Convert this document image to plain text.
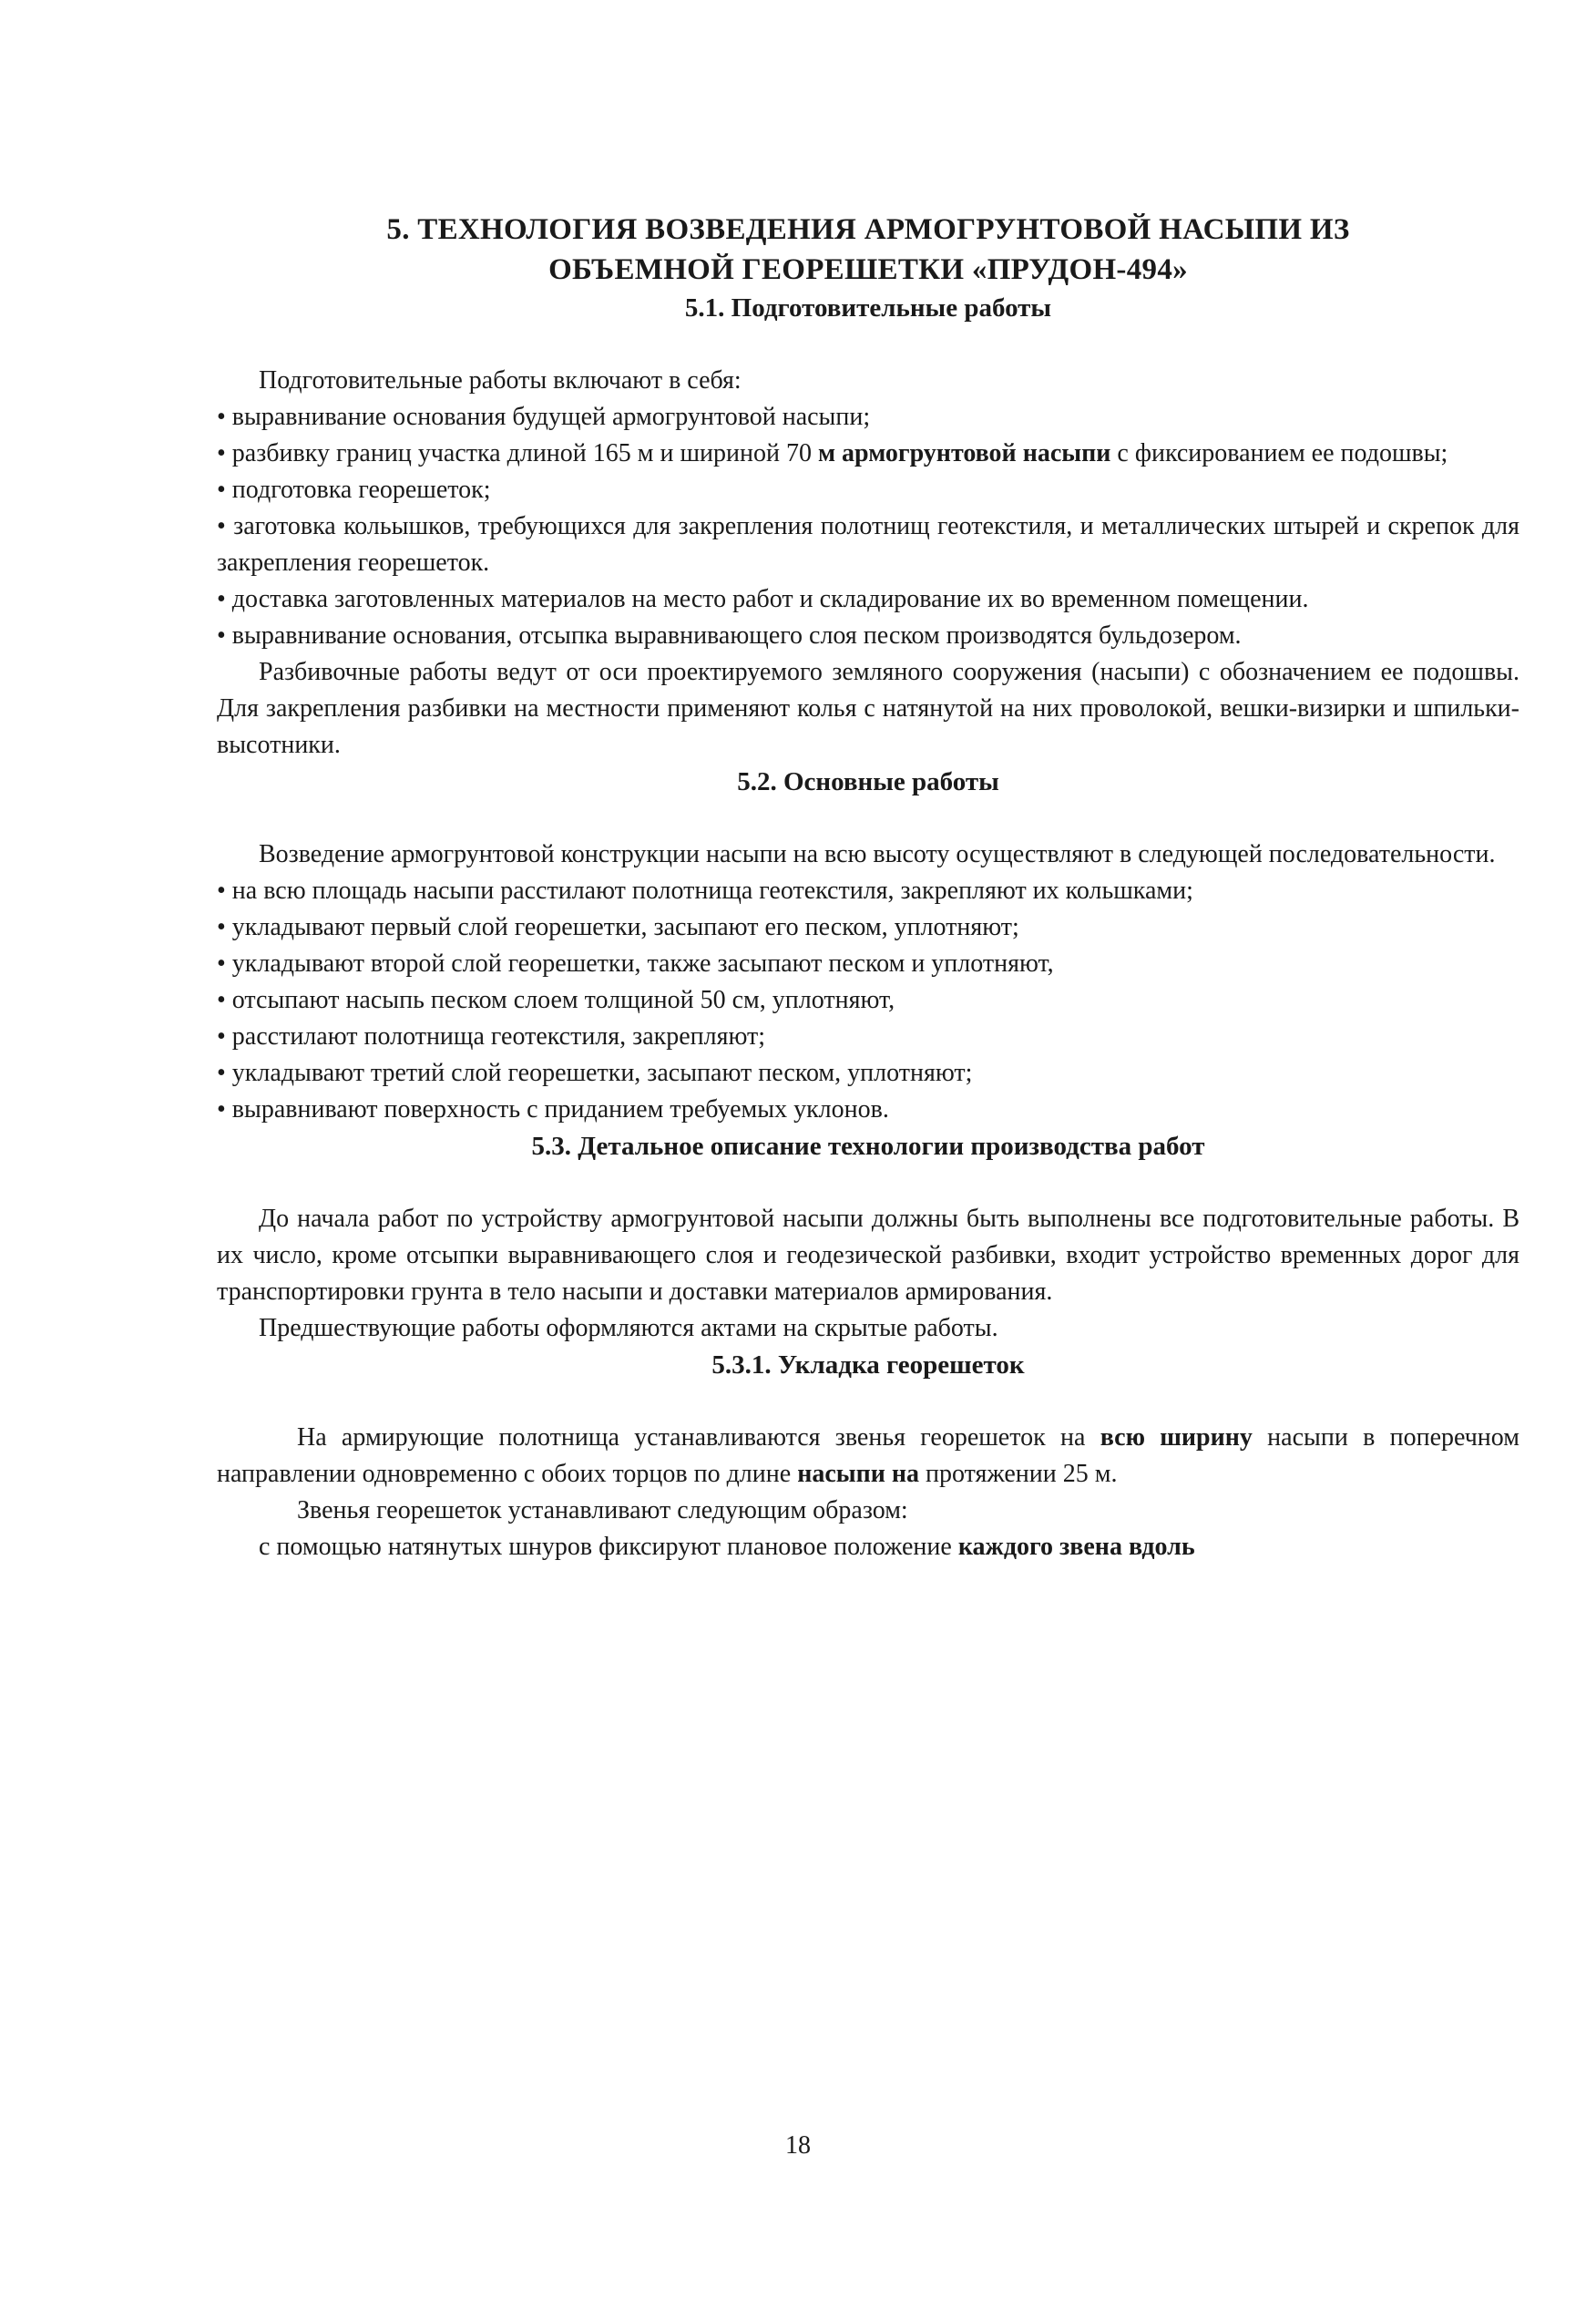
5. ТЕХНОЛОГИЯ ВОЗВЕДЕНИЯ АРМОГРУНТОВОЙ НАСЫПИ ИЗ
ОБЪЕМНОЙ ГЕОРЕШЕТКИ «ПРУДОН-494»
5.1. Подготовительные работы

Подготовительные работы включают в себя:

• выравнивание основания будущей армогрунтовой насыпи;

• разбивку границ участка длиной 165 м и шириной 70 м армогрунтовой насыпи с фиксированием ее подошвы;

• подготовка георешеток;

• заготовка кольышков, требующихся для закрепления полотнищ геотекстиля, и металлических штырей и скрепок для закрепления георешеток.

• доставка заготовленных материалов на место работ и складирование их во временном помещении.

• выравнивание основания, отсыпка выравнивающего слоя песком производятся бульдозером.

Разбивочные работы ведут от оси проектируемого земляного сооружения (насыпи) с обозначением ее подошвы. Для закрепления разбивки на местности применяют колья с натянутой на них проволокой, вешки-визирки и шпильки-высотники.

5.2. Основные работы

Возведение армогрунтовой конструкции насыпи на всю высоту осуществляют в следующей последовательности.

• на всю площадь насыпи расстилают полотнища геотекстиля, закрепляют их кольшками;

• укладывают первый слой георешетки, засыпают его песком, уплотняют;

• укладывают второй слой георешетки, также засыпают песком и уплотняют,

• отсыпают насыпь песком слоем толщиной 50 см, уплотняют,

• расстилают полотнища геотекстиля, закрепляют;

• укладывают третий слой георешетки, засыпают песком, уплотняют;

• выравнивают поверхность с приданием требуемых уклонов.

5.3. Детальное описание технологии производства работ

До начала работ по устройству армогрунтовой насыпи должны быть выполнены все подготовительные работы. В их число, кроме отсыпки выравнивающего слоя и геодезической разбивки, входит устройство временных дорог для транспортировки грунта в тело насыпи и доставки материалов армирования.

Предшествующие работы оформляются актами на скрытые работы.

5.3.1. Укладка георешеток

На армирующие полотнища устанавливаются звенья георешеток на всю ширину насыпи в поперечном направлении одновременно с обоих торцов по длине насыпи на протяжении 25 м.

Звенья георешеток устанавливают следующим образом:

с помощью натянутых шнуров фиксируют плановое положение каждого звена вдоль

18
